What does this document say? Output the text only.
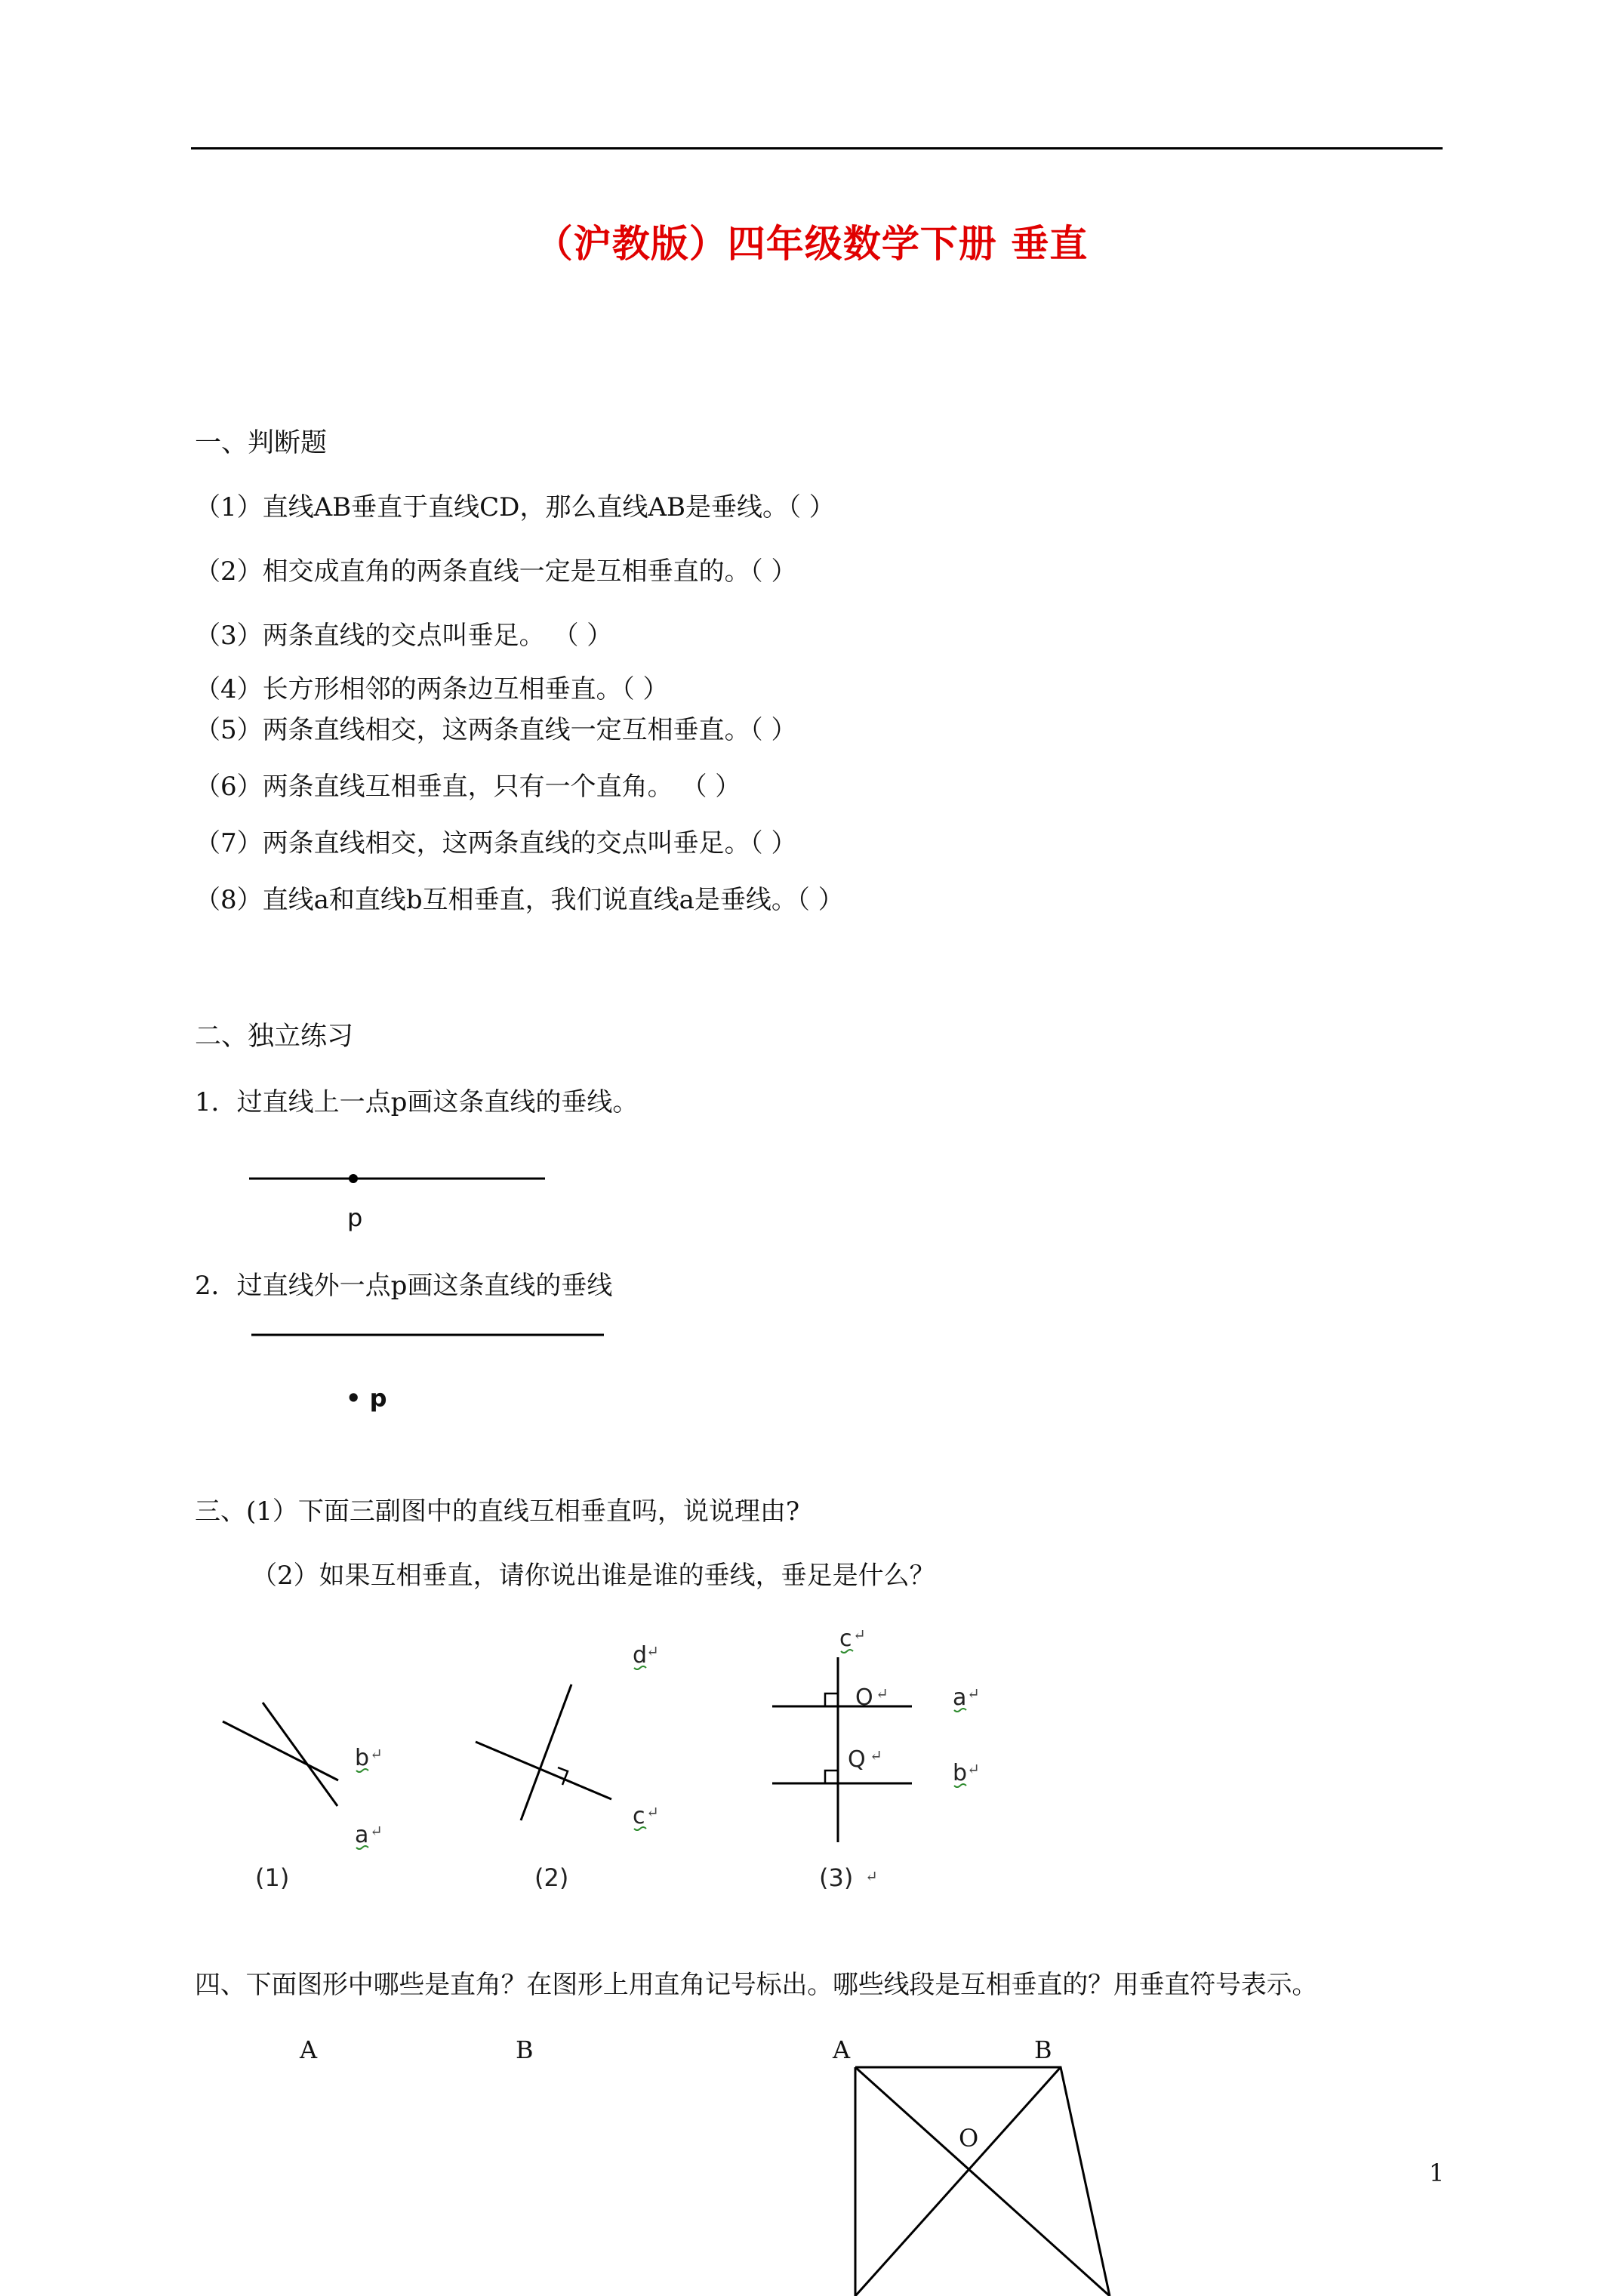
（沪教版）四年级数学下册 垂直
一、判断题
（1）直线AB垂直于直线CD，那么直线AB是垂线。（ ）
（2）相交成直角的两条直线一定是互相垂直的。（ ）
（3）两条直线的交点叫垂足。 （ ）
（4）长方形相邻的两条边互相垂直。（ ）
（5）两条直线相交，这两条直线一定互相垂直。（ ）
（6）两条直线互相垂直，只有一个直角。 （ ）
（7）两条直线相交，这两条直线的交点叫垂足。（ ）
（8）直线a和直线b互相垂直，我们说直线a是垂线。（ ）
二、独立练习
1．过直线上一点p画这条直线的垂线。
p
2．过直线外一点p画这条直线的垂线
• p
三、(1）下面三副图中的直线互相垂直吗，说说理由?
（2）如果互相垂直，请你说出谁是谁的垂线，垂足是什么？
b ↵
a ↵
(1)
d
↵
c ↵
(2)
c ↵
O ↵
Q ↵
a ↵
b ↵
(3) ↵
四、下面图形中哪些是直角？在图形上用直角记号标出。哪些线段是互相垂直的？用垂直符号表示。
A	B	A	B
O
1
